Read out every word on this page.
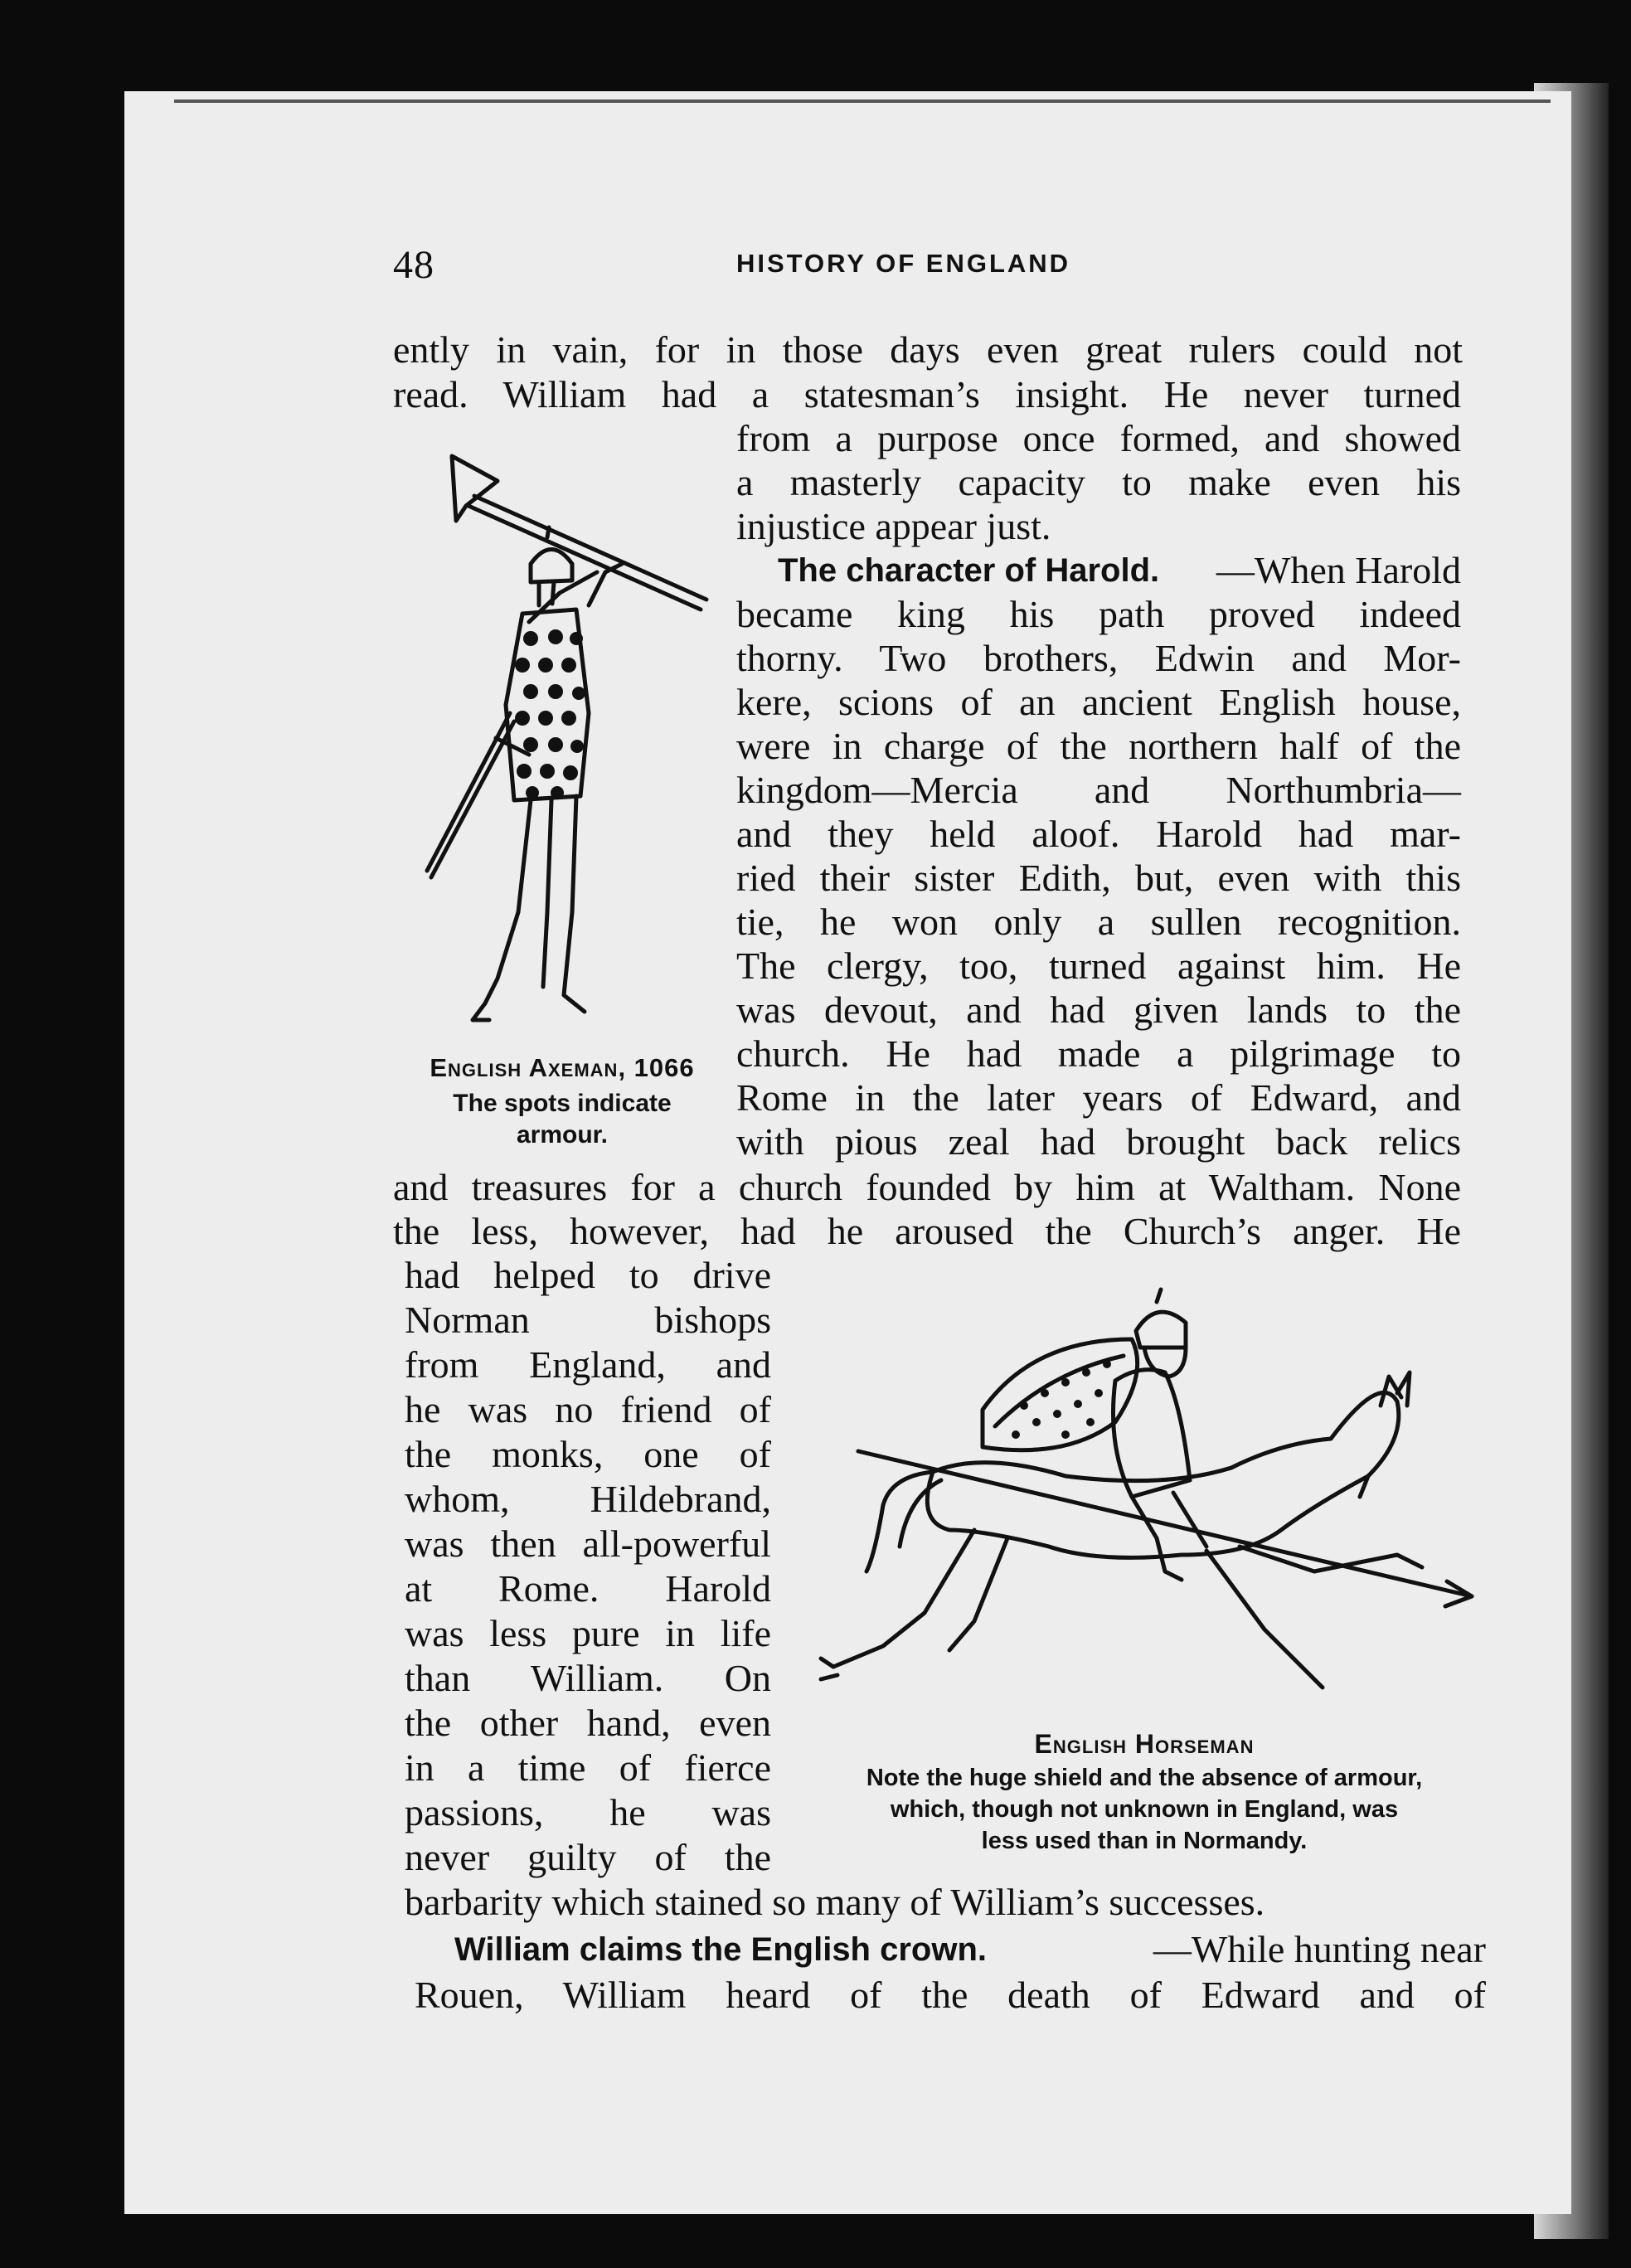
48	HISTORY OF ENGLAND
ently in vain, for in those days even great rulers could not
read. William had a statesman’s insight. He never turned
from a purpose once formed, and showed
a masterly capacity to make even his
injustice appear just.
The character of Harold. —When Harold
became king his path proved indeed
thorny. Two brothers, Edwin and Mor-
kere, scions of an ancient English house,
were in charge of the northern half of the
kingdom—Mercia and Northumbria—
and they held aloof. Harold had mar-
ried their sister Edith, but, even with this
tie, he won only a sullen recognition.
The clergy, too, turned against him. He
was devout, and had given lands to the
church. He had made a pilgrimage to
Rome in the later years of Edward, and
with pious zeal had brought back relics
and treasures for a church founded by him at Waltham. None
the less, however, had he aroused the Church’s anger. He
had helped to drive
Norman bishops
from England, and
he was no friend of
the monks, one of
whom, Hildebrand,
was then all-powerful
at Rome. Harold
was less pure in life
than William. On
the other hand, even
in a time of fierce
passions, he was
never guilty of the
barbarity which stained so many of William’s successes.
William claims the English crown.	—While hunting near
Rouen, William heard of the death of Edward and of
English Axeman, 1066
The spots indicate
armour.
English Horseman
Note the huge shield and the absence of armour,
which, though not unknown in England, was
less used than in Normandy.
